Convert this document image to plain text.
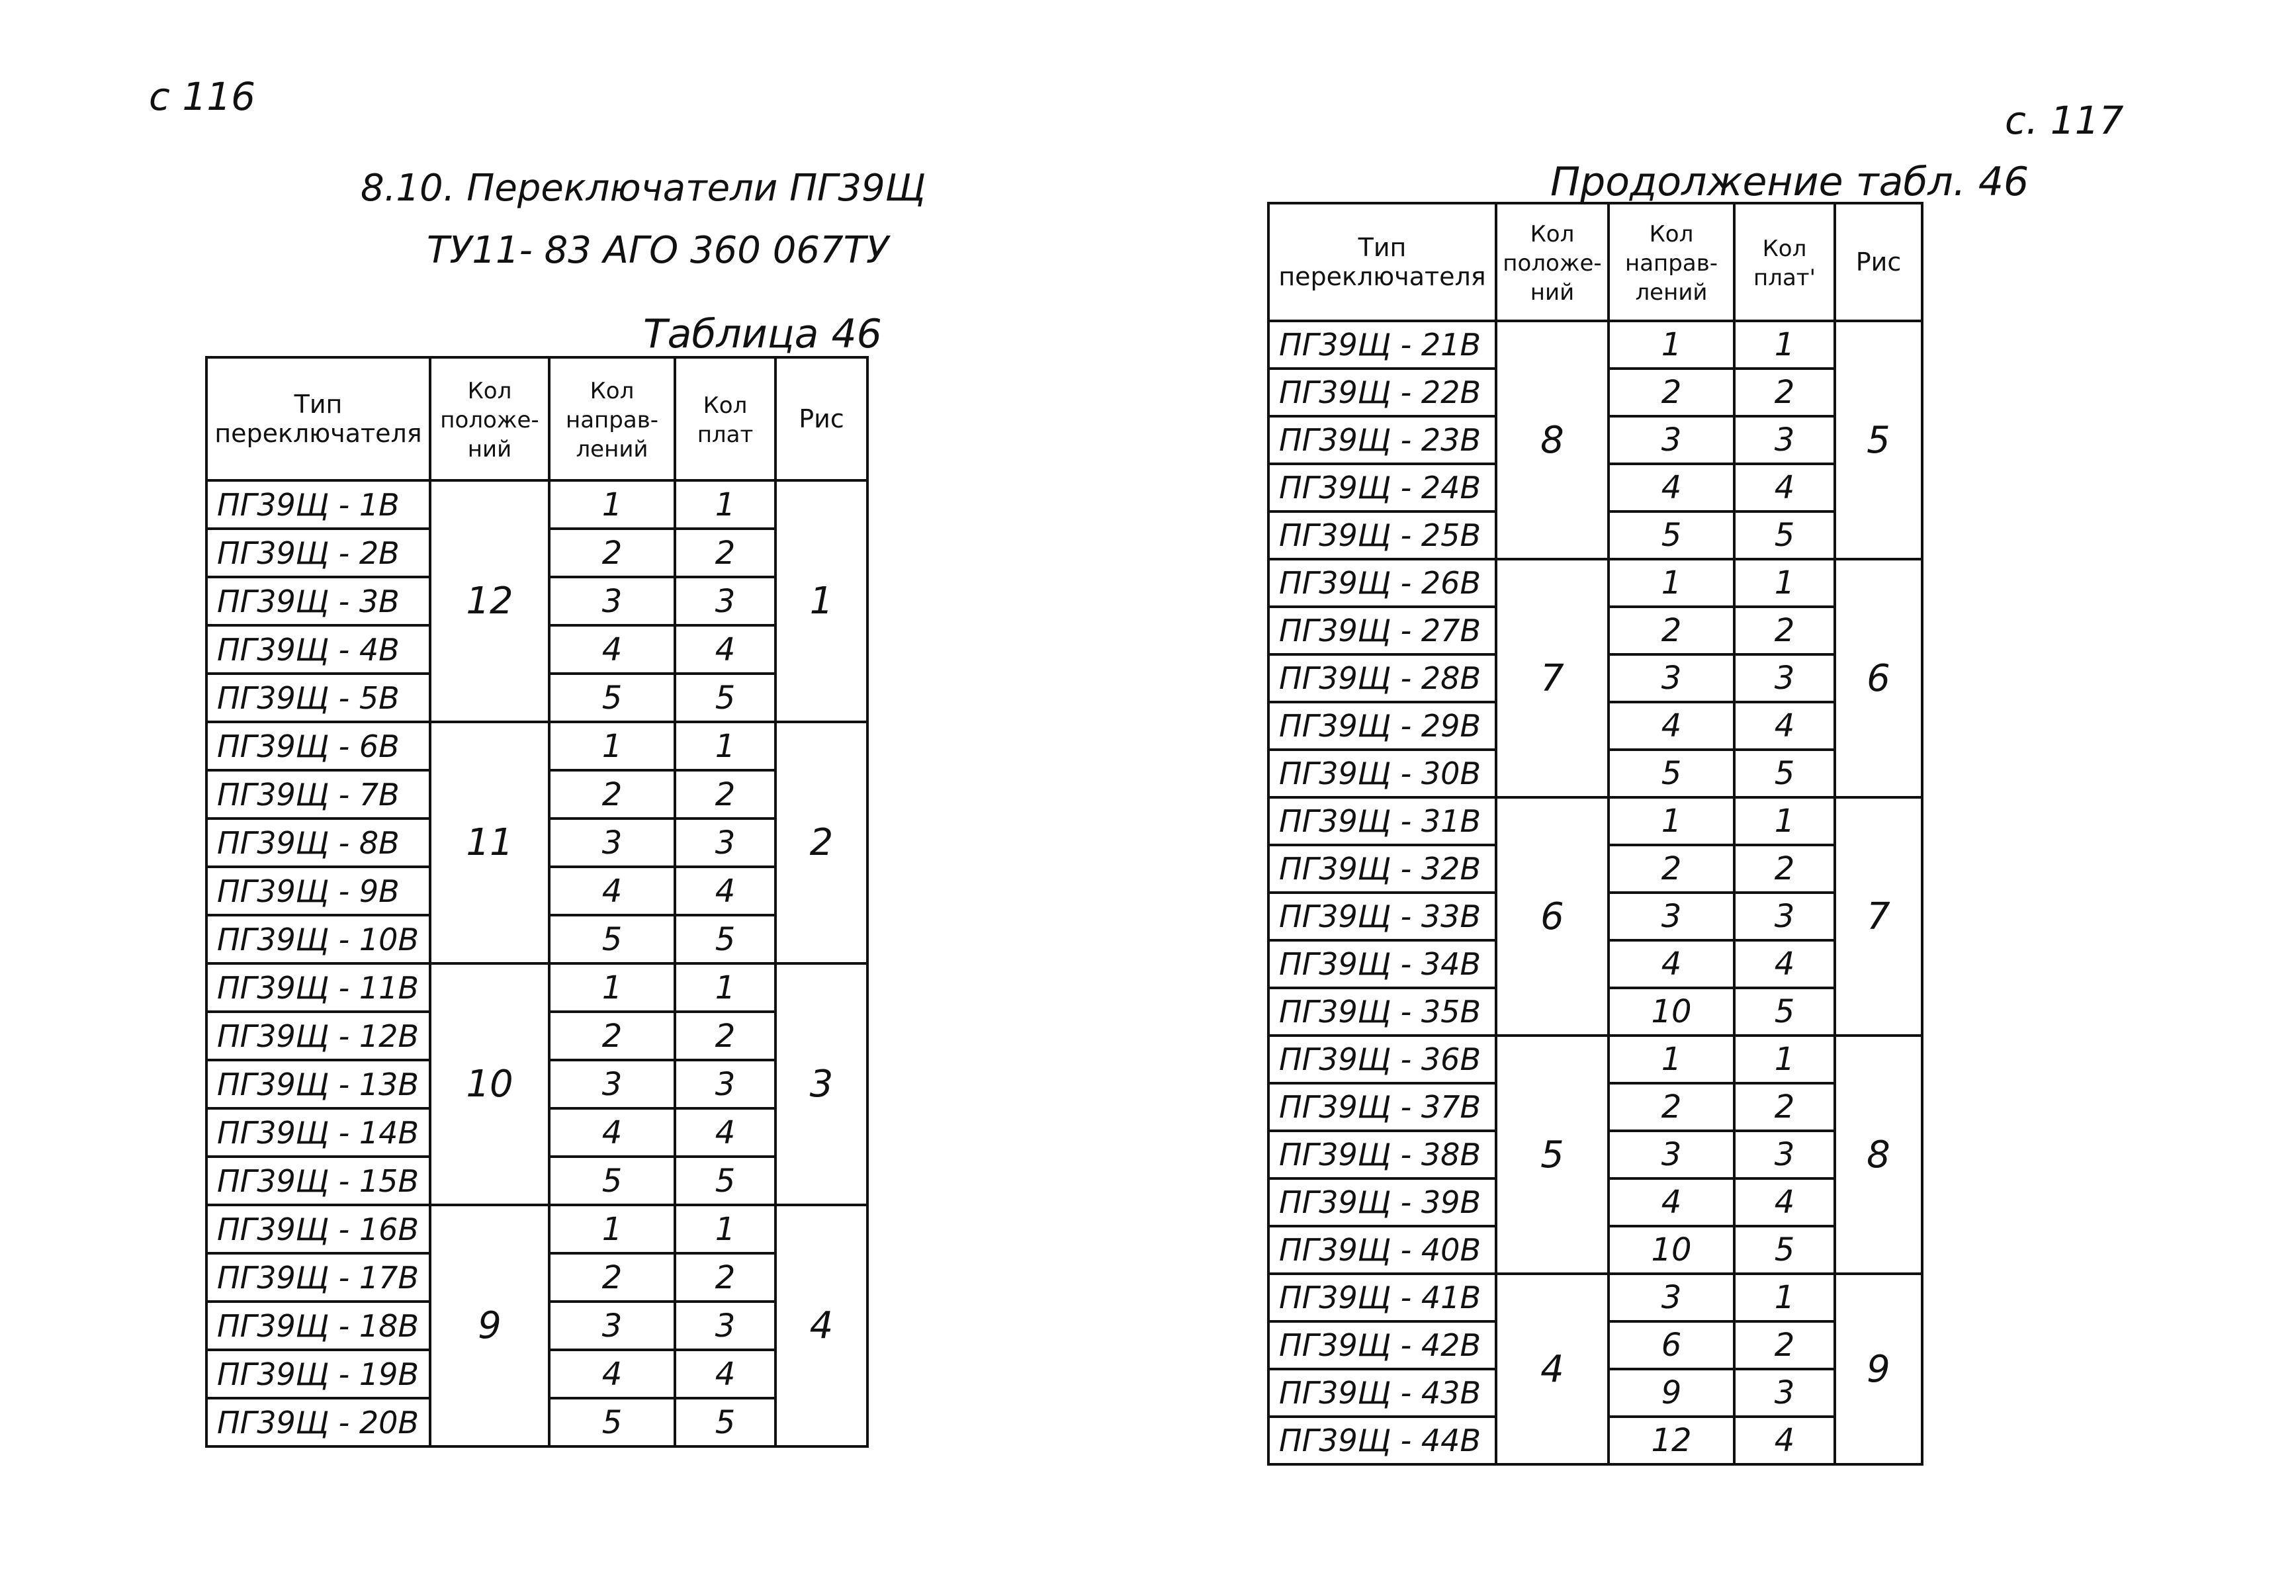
с 116
8.10. Переключатели ПГ39Щ
ТУ11- 83 АГО 360 067ТУ
Таблица 46
Тип переключателя	Кол положе- ний	Кол направ- лений	Кол плат	Рис
ПГ39Щ - 1В	12	1	1	1
ПГ39Щ - 2В		2	2	
ПГ39Щ - 3В		3	3	
ПГ39Щ - 4В		4	4	
ПГ39Щ - 5В		5	5	
ПГ39Щ - 6В	11	1	1	2
ПГ39Щ - 7В		2	2	
ПГ39Щ - 8В		3	3	
ПГ39Щ - 9В		4	4	
ПГ39Щ - 10В		5	5	
ПГ39Щ - 11В	10	1	1	3
ПГ39Щ - 12В		2	2	
ПГ39Щ - 13В		3	3	
ПГ39Щ - 14В		4	4	
ПГ39Щ - 15В		5	5	
ПГ39Щ - 16В	9	1	1	4
ПГ39Щ - 17В		2	2	
ПГ39Щ - 18В		3	3	
ПГ39Щ - 19В		4	4	
ПГ39Щ - 20В		5	5	
с. 117
Продолжение табл. 46
Тип переключателя	Кол положе- ний	Кол направ- лений	Кол плат'	Рис
ПГ39Щ - 21В	8	1	1	5
ПГ39Щ - 22В		2	2	
ПГ39Щ - 23В		3	3	
ПГ39Щ - 24В		4	4	
ПГ39Щ - 25В		5	5	
ПГ39Щ - 26В	7	1	1	6
ПГ39Щ - 27В		2	2	
ПГ39Щ - 28В		3	3	
ПГ39Щ - 29В		4	4	
ПГ39Щ - 30В		5	5	
ПГ39Щ - 31В	6	1	1	7
ПГ39Щ - 32В		2	2	
ПГ39Щ - 33В		3	3	
ПГ39Щ - 34В		4	4	
ПГ39Щ - 35В		10	5	
ПГ39Щ - 36В	5	1	1	8
ПГ39Щ - 37В		2	2	
ПГ39Щ - 38В		3	3	
ПГ39Щ - 39В		4	4	
ПГ39Щ - 40В		10	5	
ПГ39Щ - 41В	4	3	1	9
ПГ39Щ - 42В		6	2	
ПГ39Щ - 43В		9	3	
ПГ39Щ - 44В		12	4	
